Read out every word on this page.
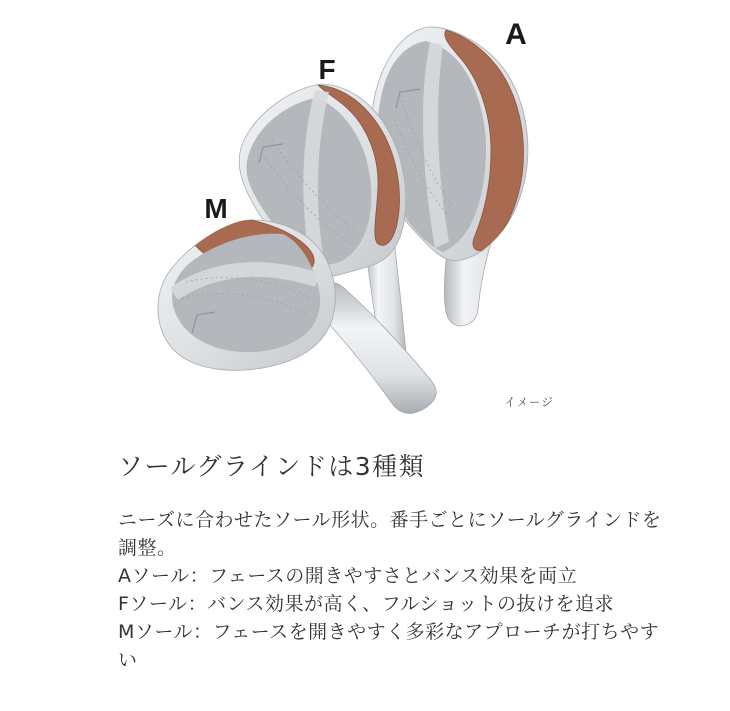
A
F
M
イメージ
ソールグラインドは3種類

ニーズに合わせたソール形状。番手ごとにソールグラインドを調整。

Aソール：フェースの開きやすさとバンス効果を両立

Fソール：バンス効果が高く、フルショットの抜けを追求

Mソール：フェースを開きやすく多彩なアプローチが打ちやすい
